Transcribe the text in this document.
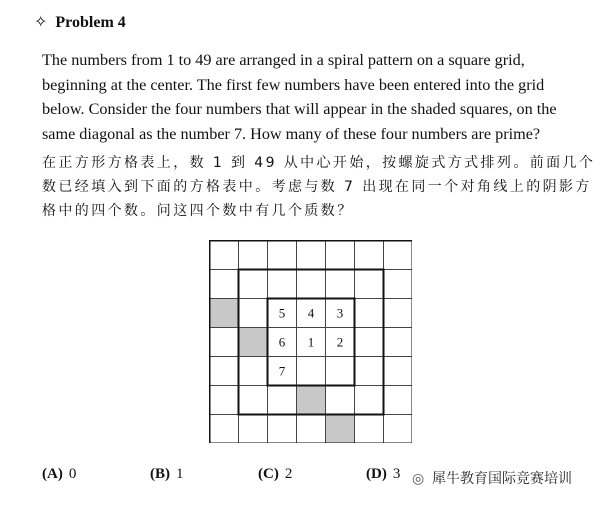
✧ Problem 4

The numbers from 1 to 49 are arranged in a spiral pattern on a square grid, beginning at the center. The first few numbers have been entered into the grid below. Consider the four numbers that will appear in the shaded squares, on the same diagonal as the number 7. How many of these four numbers are prime?

在正方形方格表上，数 1 到 49 从中心开始，按螺旋式方式排列。前面几个数已经填入到下面的方格表中。考虑与数 7 出现在同一个对角线上的阴影方格中的四个数。问这四个数中有几个质数？

5 4 3
6 1 2
7
(A) 0	(B) 1	(C) 2	(D) 3 ◎ 犀牛教育国际竞赛培训
